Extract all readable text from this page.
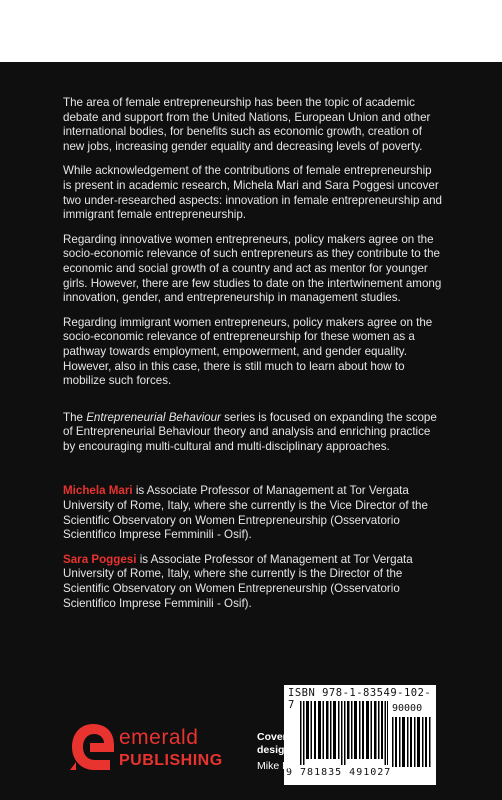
The area of female entrepreneurship has been the topic of academic debate and support from the United Nations, European Union and other international bodies, for benefits such as economic growth, creation of new jobs, increasing gender equality and decreasing levels of poverty.

While acknowledgement of the contributions of female entrepreneurship is present in academic research, Michela Mari and Sara Poggesi uncover two under-researched aspects: innovation in female entrepreneurship and immigrant female entrepreneurship.

Regarding innovative women entrepreneurs, policy makers agree on the socio-economic relevance of such entrepreneurs as they contribute to the economic and social growth of a country and act as mentor for younger girls. However, there are few studies to date on the intertwinement among innovation, gender, and entrepreneurship in management studies.

Regarding immigrant women entrepreneurs, policy makers agree on the socio-economic relevance of entrepreneurship for these women as a pathway towards employment, empowerment, and gender equality. However, also in this case, there is still much to learn about how to mobilize such forces.

The Entrepreneurial Behaviour series is focused on expanding the scope of Entrepreneurial Behaviour theory and analysis and enriching practice by encouraging multi-cultural and multi-disciplinary approaches.

Michela Mari is Associate Professor of Management at Tor Vergata University of Rome, Italy, where she currently is the Vice Director of the Scientific Observatory on Women Entrepreneurship (Osservatorio Scientifico Imprese Femminili - Osif).

Sara Poggesi is Associate Professor of Management at Tor Vergata University of Rome, Italy, where she currently is the Director of the Scientific Observatory on Women Entrepreneurship (Osservatorio Scientifico Imprese Femminili - Osif).

ISBN 978-1-83549-102-7	90000
9 781835 491027
emerald
PUBLISHING
Cover design:
Mike Hill
